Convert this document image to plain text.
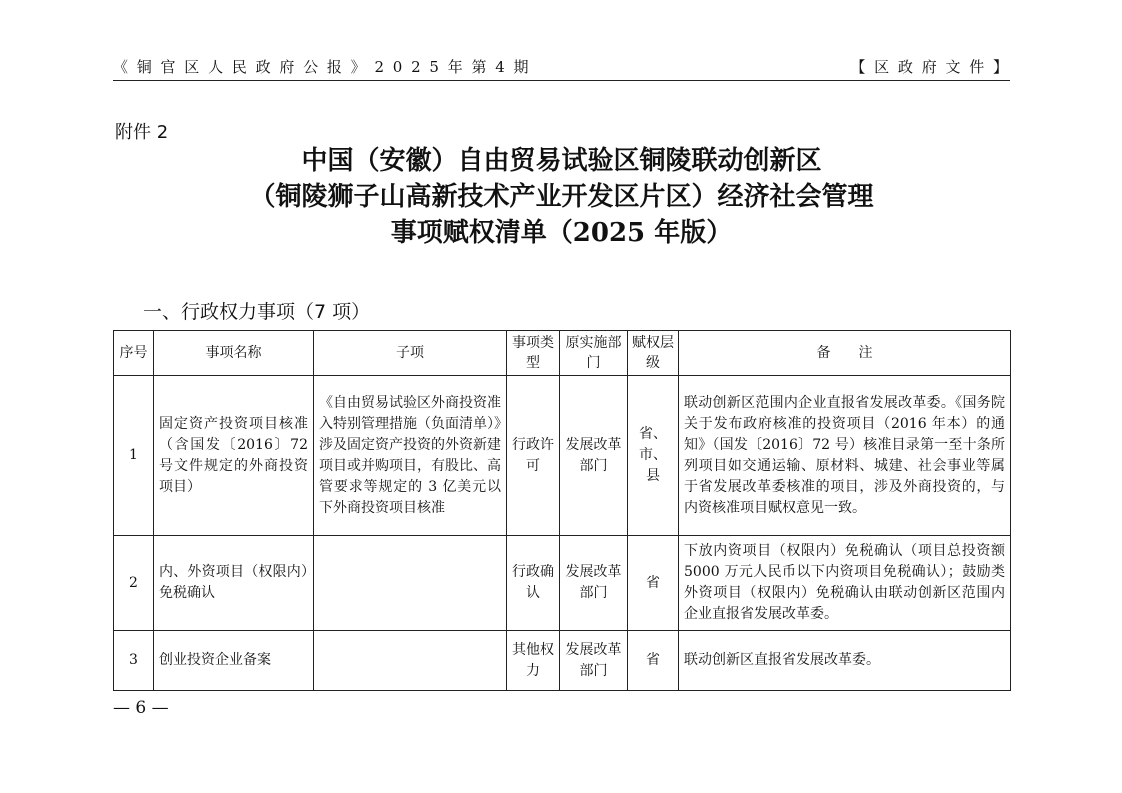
《 铜 官 区 人 民 政 府 公 报 》 2 0 2 5 年 第 4 期	【 区 政 府 文 件 】
附件 2
中国（安徽）自由贸易试验区铜陵联动创新区
（铜陵狮子山高新技术产业开发区片区）经济社会管理
事项赋权清单（2025 年版）
一、行政权力事项（7 项）
序号	事项名称	子项	事项类型	原实施部门	赋权层级	备　　注
1	固定资产投资项目核准（含国发〔2016〕72 号文件规定的外商投资项目）	《自由贸易试验区外商投资准入特别管理措施（负面清单）》涉及固定资产投资的外资新建项目或并购项目，有股比、高管要求等规定的 3 亿美元以下外商投资项目核准	行政许可	发展改革部门	省、市、县	联动创新区范围内企业直报省发展改革委。《国务院关于发布政府核准的投资项目（2016 年本）的通知》（国发〔2016〕72 号）核准目录第一至十条所列项目如交通运输、原材料、城建、社会事业等属于省发展改革委核准的项目，涉及外商投资的，与内资核准项目赋权意见一致。
2	内、外资项目（权限内）免税确认		行政确认	发展改革部门	省	下放内资项目（权限内）免税确认（项目总投资额 5000 万元人民币以下内资项目免税确认）；鼓励类外资项目（权限内）免税确认由联动创新区范围内企业直报省发展改革委。
3	创业投资企业备案		其他权力	发展改革部门	省	联动创新区直报省发展改革委。
— 6 —
